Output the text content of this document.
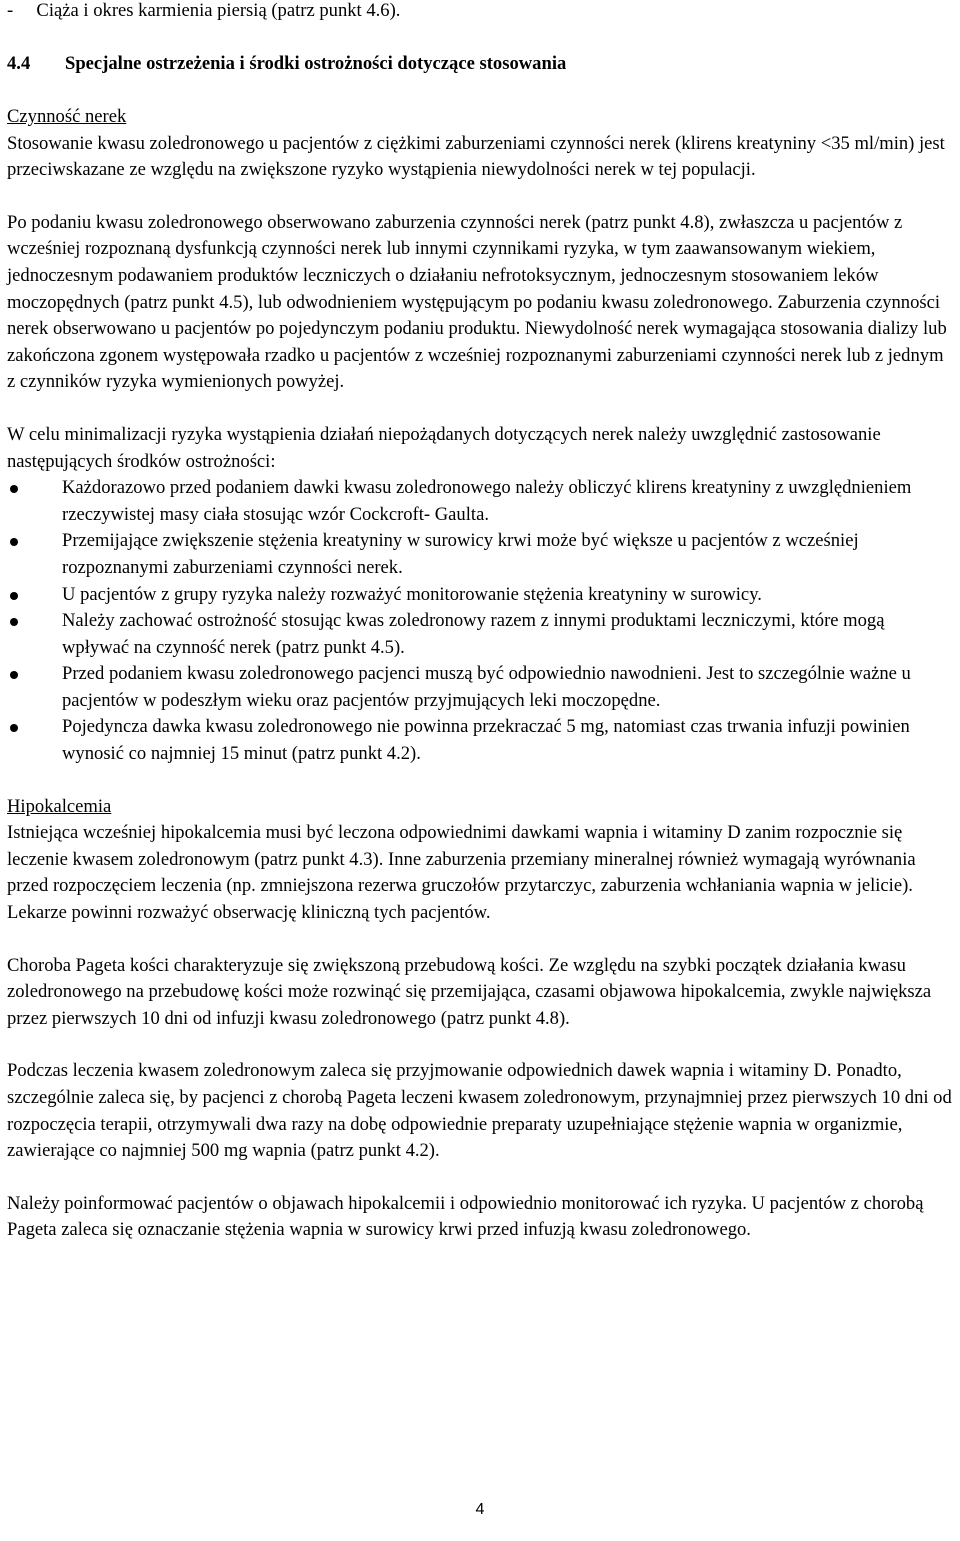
-     Ciąża i okres karmienia piersią (patrz punkt 4.6).

4.4 Specjalne ostrzeżenia i środki ostrożności dotyczące stosowania

Czynność nerek

Stosowanie kwasu zoledronowego u pacjentów z ciężkimi zaburzeniami czynności nerek (klirens kreatyniny <35 ml/min) jest przeciwskazane ze względu na zwiększone ryzyko wystąpienia niewydolności nerek w tej populacji.

Po podaniu kwasu zoledronowego obserwowano zaburzenia czynności nerek (patrz punkt 4.8), zwłaszcza u pacjentów z wcześniej rozpoznaną dysfunkcją czynności nerek lub innymi czynnikami ryzyka, w tym zaawansowanym wiekiem, jednoczesnym podawaniem produktów leczniczych o działaniu nefrotoksycznym, jednoczesnym stosowaniem leków moczopędnych (patrz punkt 4.5), lub odwodnieniem występującym po podaniu kwasu zoledronowego. Zaburzenia czynności nerek obserwowano u pacjentów po pojedynczym podaniu produktu. Niewydolność nerek wymagająca stosowania dializy lub zakończona zgonem występowała rzadko u pacjentów z wcześniej rozpoznanymi zaburzeniami czynności nerek lub z jednym z czynników ryzyka wymienionych powyżej.

W celu minimalizacji ryzyka wystąpienia działań niepożądanych dotyczących nerek należy uwzględnić zastosowanie następujących środków ostrożności:

Każdorazowo przed podaniem dawki kwasu zoledronowego należy obliczyć klirens kreatyniny z uwzględnieniem rzeczywistej masy ciała stosując wzór Cockcroft- Gaulta.
Przemijające zwiększenie stężenia kreatyniny w surowicy krwi może być większe u pacjentów z wcześniej rozpoznanymi zaburzeniami czynności nerek.
U pacjentów z grupy ryzyka należy rozważyć monitorowanie stężenia kreatyniny w surowicy.
Należy zachować ostrożność stosując kwas zoledronowy razem z innymi produktami leczniczymi, które mogą wpływać na czynność nerek (patrz punkt 4.5).
Przed podaniem kwasu zoledronowego pacjenci muszą być odpowiednio nawodnieni. Jest to szczególnie ważne u pacjentów w podeszłym wieku oraz pacjentów przyjmujących leki moczopędne.
Pojedyncza dawka kwasu zoledronowego nie powinna przekraczać 5 mg, natomiast czas trwania infuzji powinien wynosić co najmniej 15 minut (patrz punkt 4.2).

Hipokalcemia

Istniejąca wcześniej hipokalcemia musi być leczona odpowiednimi dawkami wapnia i witaminy D zanim rozpocznie się leczenie kwasem zoledronowym (patrz punkt 4.3). Inne zaburzenia przemiany mineralnej również wymagają wyrównania przed rozpoczęciem leczenia (np. zmniejszona rezerwa gruczołów przytarczyc, zaburzenia wchłaniania wapnia w jelicie). Lekarze powinni rozważyć obserwację kliniczną tych pacjentów.

Choroba Pageta kości charakteryzuje się zwiększoną przebudową kości. Ze względu na szybki początek działania kwasu zoledronowego na przebudowę kości może rozwinąć się przemijająca, czasami objawowa hipokalcemia, zwykle największa przez pierwszych 10 dni od infuzji kwasu zoledronowego (patrz punkt 4.8).

Podczas leczenia kwasem zoledronowym zaleca się przyjmowanie odpowiednich dawek wapnia i witaminy D. Ponadto, szczególnie zaleca się, by pacjenci z chorobą Pageta leczeni kwasem zoledronowym, przynajmniej przez pierwszych 10 dni od rozpoczęcia terapii, otrzymywali dwa razy na dobę odpowiednie preparaty uzupełniające stężenie wapnia w organizmie, zawierające co najmniej 500 mg wapnia (patrz punkt 4.2).

Należy poinformować pacjentów o objawach hipokalcemii i odpowiednio monitorować ich ryzyka. U pacjentów z chorobą Pageta zaleca się oznaczanie stężenia wapnia w surowicy krwi przed infuzją kwasu zoledronowego.

4
